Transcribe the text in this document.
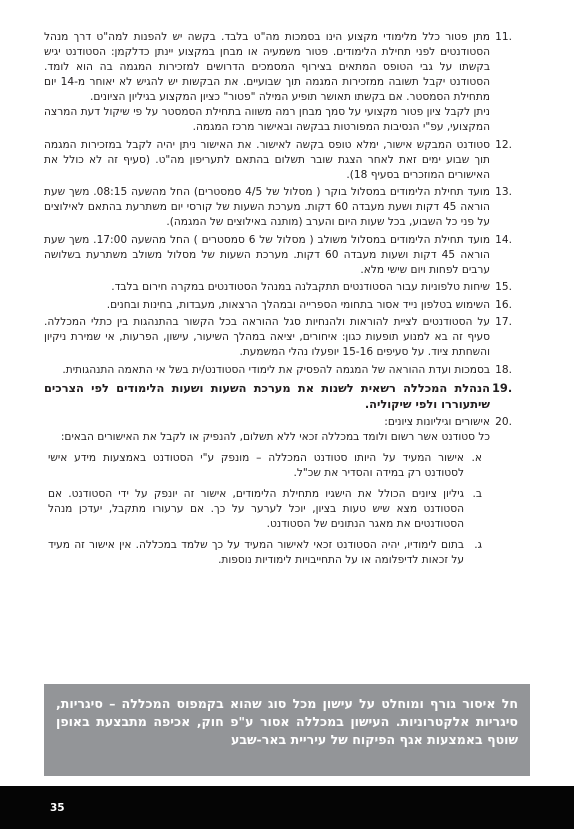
11.

מתן פטור כלל מלימודי מקצוע הינו בסמכות מה"ט בלבד. בקשה יש להפנות למה"ט דרך מנהל הסטודנטים לפני תחילת הלימודים. פטור משמעיה או מבחן במקצוע יינתן כדלקמן: הסטודנט יגיש בקשתו על גבי הטופס המתאים בצירוף המסמכים הדרושים למזכירות המגמה בה הוא לומד. הסטודנט יקבל תשובה ממזכירות המגמה תוך שבועיים. את הבקשות יש להגיש לא יאוחר מ-14 יום מתחילת הסמסטר. אם בקשתו תאושר תופיע המילה "פטור" כציון המקצוע בגיליון הציונים.

ניתן לקבל ציון פטור מקצועי על סמך מבחן רמה משווה בתחילת הסמסטר על פי שיקול דעת המרצה המקצועי, עפ"י הנסיבות המפורטות בבקשה ובאישור מרכז המגמה.

12.

סטודנט המבקש אישור, ימלא טופס בקשה לאישור. את האישור ניתן יהיה לקבל במזכירות המגמה תוך שבוע ימים זאת לאחר הצגת שובר תשלום בהתאם לתעריפון מה"ט. (סעיף זה לא כולל את האישורים המוזכרים בסעיף 18).

13.

מועד תחילת הלימודים במסלול בוקר ( מסלול של 4/5 סמסטרים) החל מהשעה 08:15. משך שעת הוראה 45 דקות ושעת מעבדה 60 דקות. מערכת השעות של קורסי יום משתרעת בהתאם לאילוצים על פני כל השבוע, בכל שעות היום והערב (מותנה באילוצים של המגמה).

14.

מועד תחילת הלימודים במסלול משולב ( מסלול של 6 סמסטרים ) החל מהשעה 17:00. משך שעת הוראה 45 דקות ושעות מעבדה 60 דקות. מערכת השעות של מסלול משולב משתרעת בשלושה ערבים לפחות ויום שישי מלא.

15.

שיחות טלפוניות עבור הסטודנטים תתקבלנה במנהל הסטודנטים במקרה חירום בלבד.

16.

השימוש בטלפון נייד אסור בתחומי הספרייה ובמהלך הרצאות, מעבדות, בחינות ובחנים.

17.

על הסטודנטים לציית להוראות ולהנחיות סגל ההוראה בכל הקשור בהתנהגות בין כתלי המכללה. סעיף זה בא למנוע תופעות כגון: איחורים, יציאה במהלך השיעור, עישון, הפרעות, אי שמירת ניקיון והשחתת ציוד. על סעיפים 15-16 יופעלו נהלי המשמעת.

18.

בסמכות ועדת ההוראה של המגמה להפסיק את לימודי הסטודנט/ית בשל אי התאמה התנהגותית.

19.

הנהלת המכללה רשאית לשנות את מערכת השעות ושעות הלימודים לפי הצרכים שיתעוררו ולפי שיקוליה.

20.

אישורים וגיליונות ציונים:

כל סטודנט אשר רשום ולומד במכללה זכאי ללא תשלום, להנפיק או לקבל את האישורים הבאים:

א.
אישור המעיד על היותו סטודנט המכללה – מונפק ע"י הסטודנט באמצעות מידע אישי לסטודנט רק במידה והסדיר את שכ"ל.
ב.
גיליון ציונים הכולל את הישגיו מתחילת הלימודים, אישור זה יונפק על ידי הסטודנט. אם הסטודנט מצא שיש טעות בציון, יוכל לערער על כך. אם ערעורו מתקבל, יעדכן מנהל הסטודנטים את מאגר הנתונים של הסטודנט.
ג.
בתום לימודיו, יהיה הסטודנט זכאי לאישור המעיד על כך שלמד במכללה. אין אישור זה מעיד על זכאות לדיפלומה או על התחייבויות לימודיות נוספות.
חל איסור גורף ומוחלט על עישון מכל סוג שהוא בקמפוס המכללה – סיגריות, סיגריות אלקטרוניות. העישון במכללה אסור ע"פ חוק, אכיפה מתבצעת באופן שוטף באמצעות אגף הפיקוח של עיריית באר-שבע
35
